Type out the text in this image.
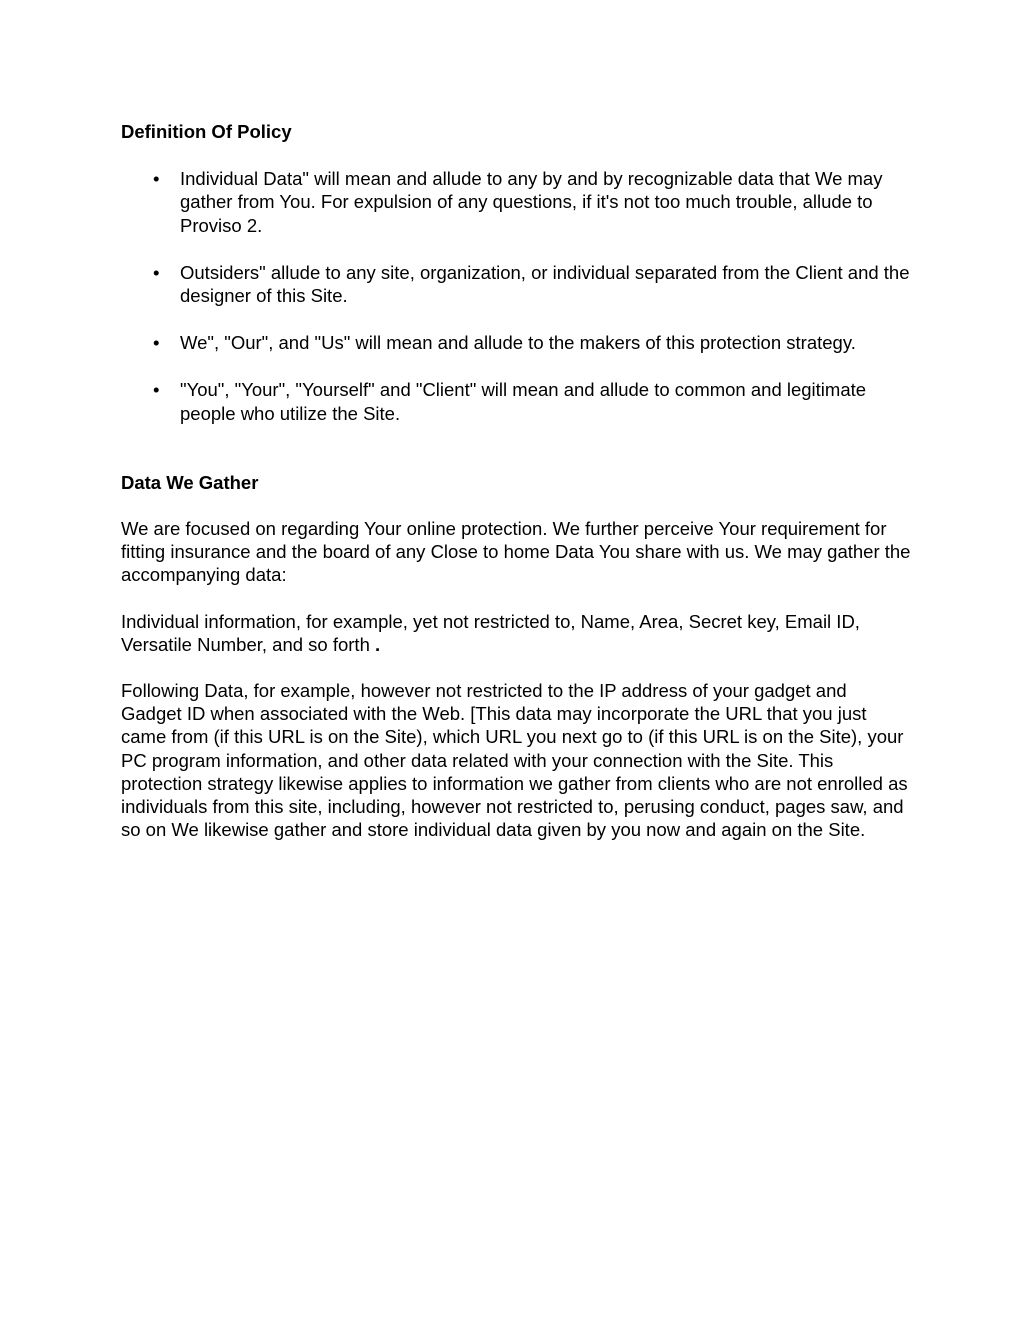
Definition Of Policy

• Individual Data" will mean and allude to any by and by recognizable data that We may gather from You. For expulsion of any questions, if it's not too much trouble, allude to Proviso 2.
• Outsiders" allude to any site, organization, or individual separated from the Client and the designer of this Site.
• We", "Our", and "Us" will mean and allude to the makers of this protection strategy.
• "You", "Your", "Yourself" and "Client" will mean and allude to common and legitimate people who utilize the Site.

Data We Gather

We are focused on regarding Your online protection. We further perceive Your requirement for fitting insurance and the board of any Close to home Data You share with us. We may gather the accompanying data:

Individual information, for example, yet not restricted to, Name, Area, Secret key, Email ID, Versatile Number, and so forth .

Following Data, for example, however not restricted to the IP address of your gadget and Gadget ID when associated with the Web. [This data may incorporate the URL that you just came from (if this URL is on the Site), which URL you next go to (if this URL is on the Site), your PC program information, and other data related with your connection with the Site. This protection strategy likewise applies to information we gather from clients who are not enrolled as individuals from this site, including, however not restricted to, perusing conduct, pages saw, and so on We likewise gather and store individual data given by you now and again on the Site.
